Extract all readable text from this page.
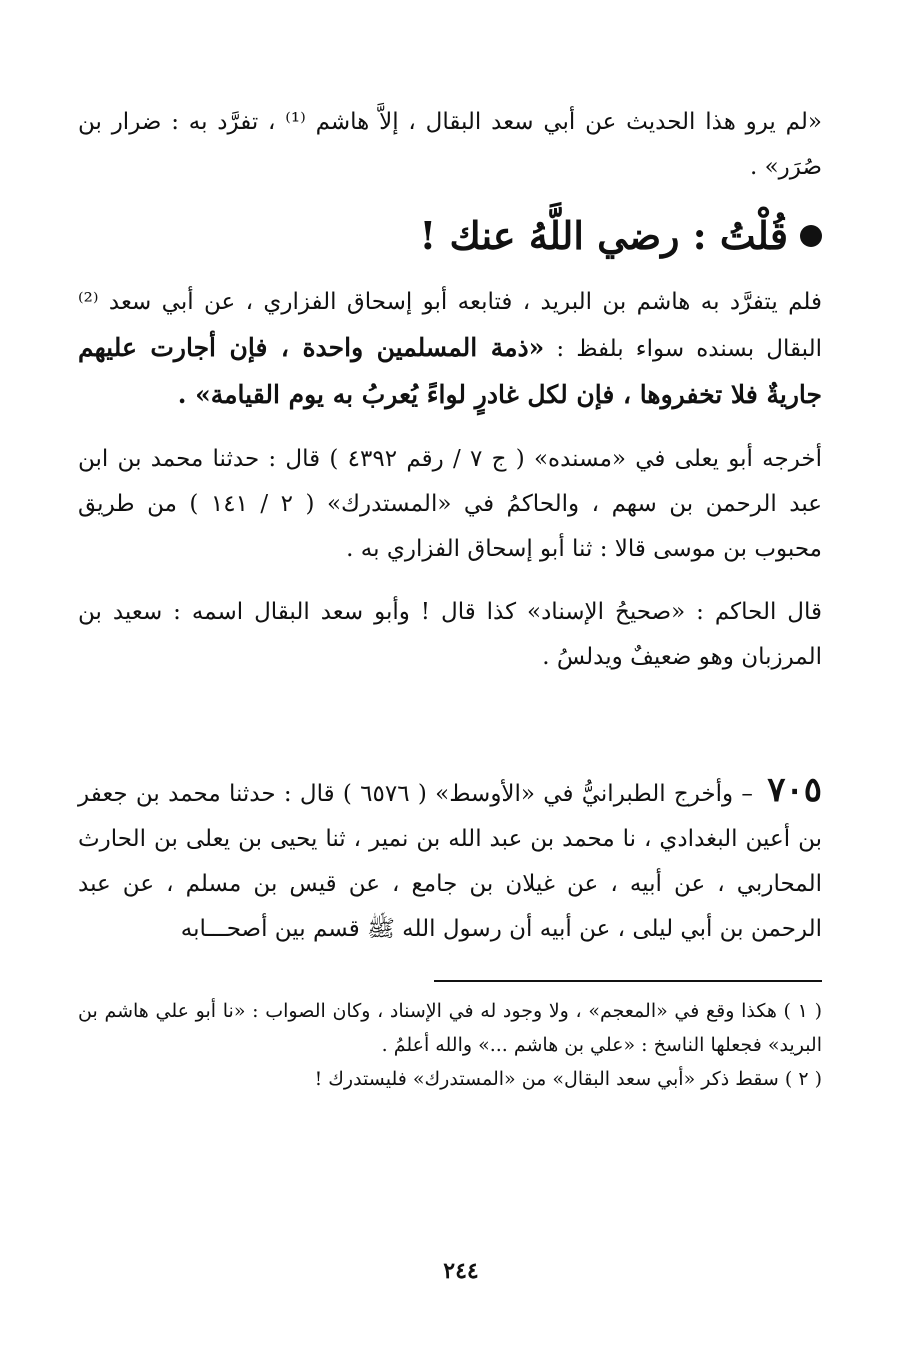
«لم يرو هذا الحديث عن أبي سعد البقال ، إلاَّ هاشم ⁽¹⁾ ، تفرَّد به : ضرار بن صُرَر» .

قُلْتُ : رضي اللَّهُ عنك !

فلم يتفرَّد به هاشم بن البريد ، فتابعه أبو إسحاق الفزاري ، عن أبي سعد ⁽²⁾ البقال بسنده سواء بلفظ : «ذمة المسلمين واحدة ، فإن أجارت عليهم جاريةٌ فلا تخفروها ، فإن لكل غادرٍ لواءً يُعربُ به يوم القيامة» .

أخرجه أبو يعلى في «مسنده» ( ج ٧ / رقم ٤٣٩٢ ) قال : حدثنا محمد بن ابن عبد الرحمن بن سهم ، والحاكمُ في «المستدرك» ( ٢ / ١٤١ ) من طريق محبوب بن موسى قالا : ثنا أبو إسحاق الفزاري به .

قال الحاكم : «صحيحُ الإسناد» كذا قال ! وأبو سعد البقال اسمه : سعيد بن المرزبان وهو ضعيفٌ ويدلسُ .

٧٠٥ – وأخرج الطبرانيُّ في «الأوسط» ( ٦٥٧٦ ) قال : حدثنا محمد بن جعفر بن أعين البغدادي ، نا محمد بن عبد الله بن نمير ، ثنا يحيى بن يعلى بن الحارث المحاربي ، عن أبيه ، عن غيلان بن جامع ، عن قيس بن مسلم ، عن عبد الرحمن بن أبي ليلى ، عن أبيه أن رسول الله ﷺ قسم بين أصحـــابه

( ١ ) هكذا وقع في «المعجم» ، ولا وجود له في الإسناد ، وكان الصواب : «نا أبو علي هاشم بن البريد» فجعلها الناسخ : «علي بن هاشم ...» والله أعلمُ .

( ٢ ) سقط ذكر «أبي سعد البقال» من «المستدرك» فليستدرك !

٢٤٤
